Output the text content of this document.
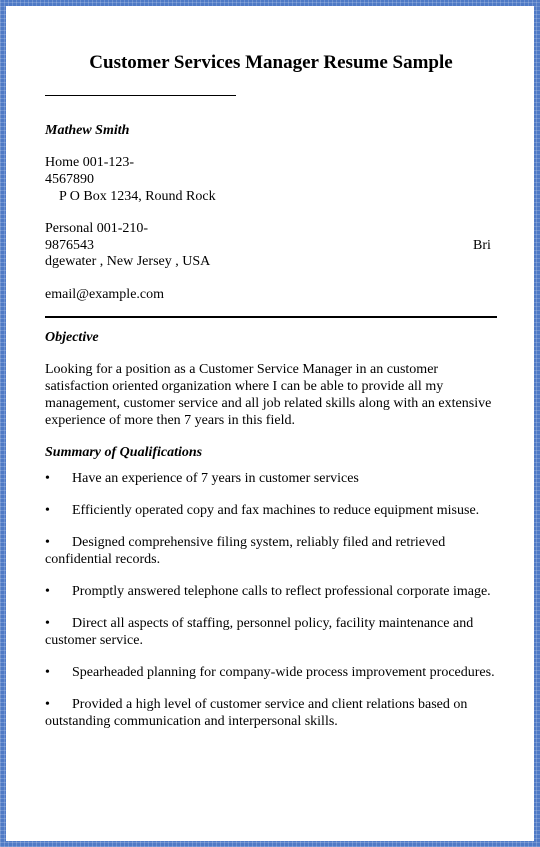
Customer Services Manager Resume Sample
Mathew Smith
Home 001-123-
4567890
P O Box 1234, Round Rock
Personal 001-210-
9876543	Bri
dgewater , New Jersey , USA
email@example.com
Objective

Looking for a position as a Customer Service Manager in an customer satisfaction oriented organization where I can be able to provide all my management, customer service and all job related skills along with an extensive experience of more then 7 years in this field.

Summary of Qualifications
• Have an experience of 7 years in customer services
• Efficiently operated copy and fax machines to reduce equipment misuse.
• Designed comprehensive filing system, reliably filed and retrieved confidential records.
• Promptly answered telephone calls to reflect professional corporate image.
• Direct all aspects of staffing, personnel policy, facility maintenance and customer service.
• Spearheaded planning for company-wide process improvement procedures.
• Provided a high level of customer service and client relations based on outstanding communication and interpersonal skills.
